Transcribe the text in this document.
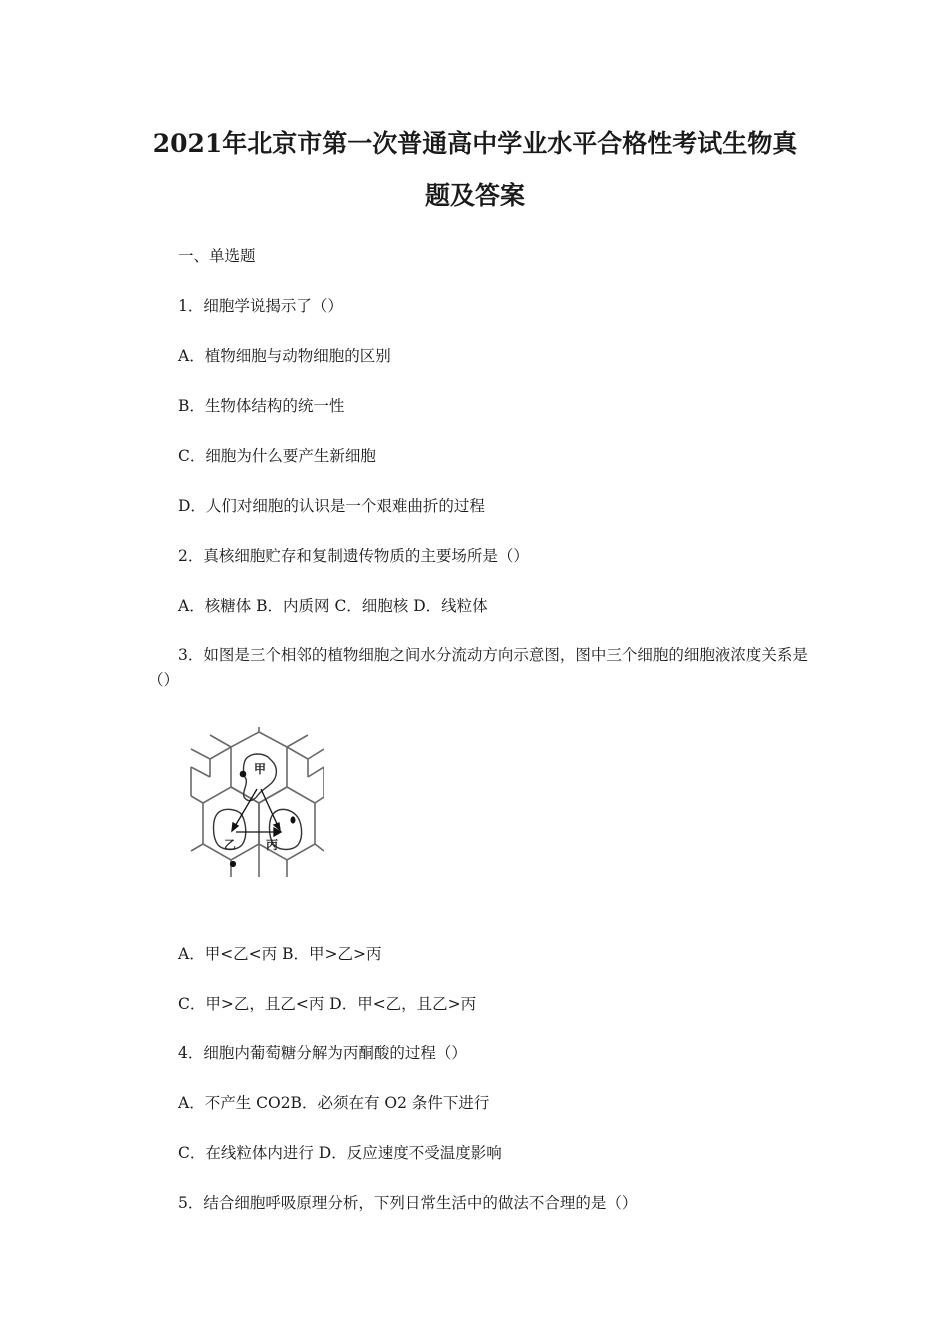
2021年北京市第一次普通高中学业水平合格性考试生物真
题及答案
一、单选题
1．细胞学说揭示了（）
A．植物细胞与动物细胞的区别
B．生物体结构的统一性
C．细胞为什么要产生新细胞
D．人们对细胞的认识是一个艰难曲折的过程
2．真核细胞贮存和复制遗传物质的主要场所是（）
A．核糖体 B．内质网 C．细胞核 D．线粒体
3．如图是三个相邻的植物细胞之间水分流动方向示意图，图中三个细胞的细胞液浓度关系是（）
甲
乙 丙
A．甲<乙<丙 B．甲>乙>丙
C．甲>乙，且乙<丙 D．甲<乙，且乙>丙
4．细胞内葡萄糖分解为丙酮酸的过程（）
A．不产生 CO2B．必须在有 O2 条件下进行
C．在线粒体内进行 D．反应速度不受温度影响
5．结合细胞呼吸原理分析，下列日常生活中的做法不合理的是（）
